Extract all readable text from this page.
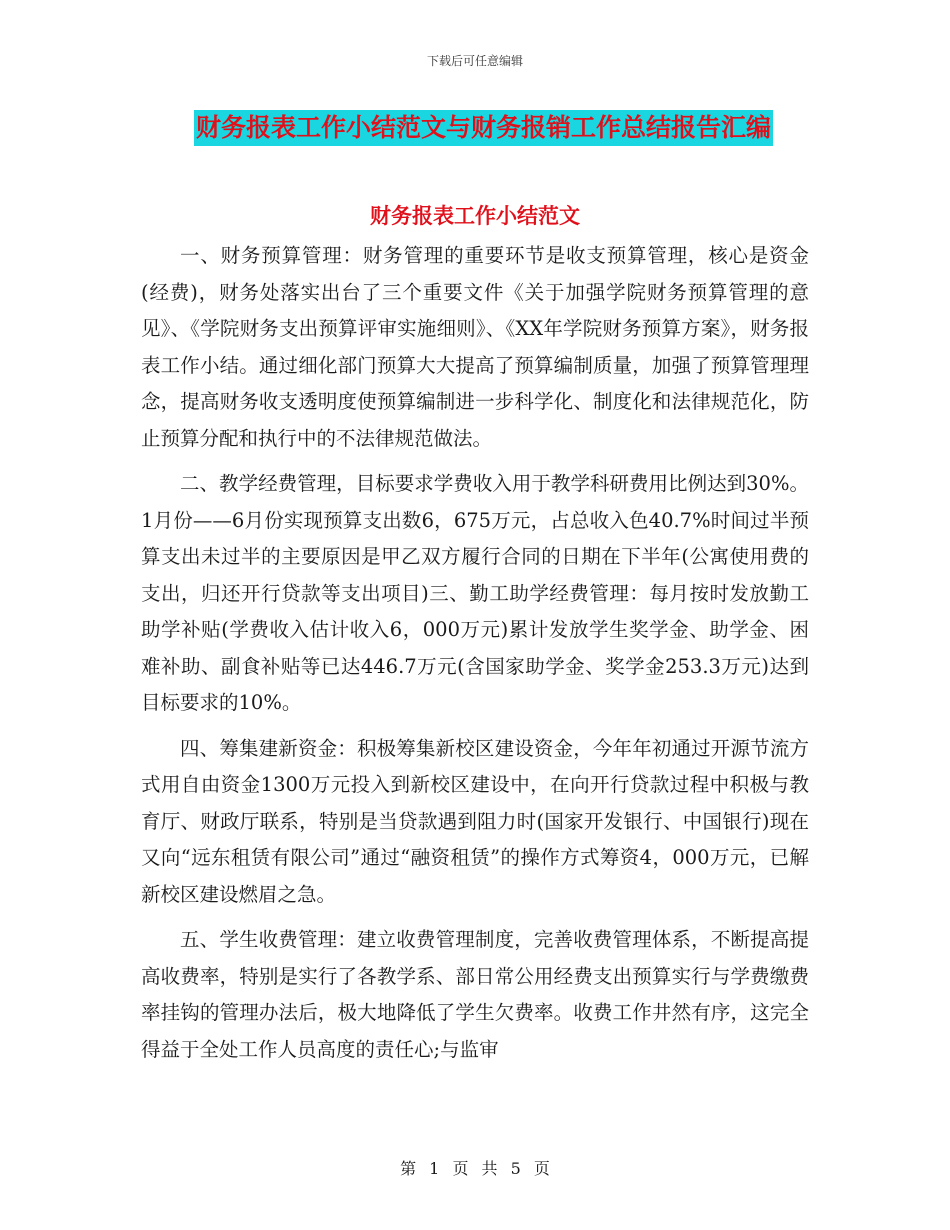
下载后可任意编辑
财务报表工作小结范文与财务报销工作总结报告汇编
财务报表工作小结范文

一、财务预算管理：财务管理的重要环节是收支预算管理，核心是资金(经费)，财务处落实出台了三个重要文件《关于加强学院财务预算管理的意见》、《学院财务支出预算评审实施细则》、《XX年学院财务预算方案》，财务报表工作小结。通过细化部门预算大大提高了预算编制质量，加强了预算管理理念，提高财务收支透明度使预算编制进一步科学化、制度化和法律规范化，防止预算分配和执行中的不法律规范做法。

二、教学经费管理，目标要求学费收入用于教学科研费用比例达到30%。1月份——6月份实现预算支出数6，675万元，占总收入色40.7%时间过半预算支出未过半的主要原因是甲乙双方履行合同的日期在下半年(公寓使用费的支出，归还开行贷款等支出项目)三、勤工助学经费管理：每月按时发放勤工助学补贴(学费收入估计收入6，000万元)累计发放学生奖学金、助学金、困难补助、副食补贴等已达446.7万元(含国家助学金、奖学金253.3万元)达到目标要求的10%。

四、筹集建新资金：积极筹集新校区建设资金，今年年初通过开源节流方式用自由资金1300万元投入到新校区建设中，在向开行贷款过程中积极与教育厅、财政厅联系，特别是当贷款遇到阻力时(国家开发银行、中国银行)现在又向“远东租赁有限公司”通过“融资租赁”的操作方式筹资4，000万元，已解新校区建设燃眉之急。

五、学生收费管理：建立收费管理制度，完善收费管理体系，不断提高提高收费率，特别是实行了各教学系、部日常公用经费支出预算实行与学费缴费率挂钩的管理办法后，极大地降低了学生欠费率。收费工作井然有序，这完全得益于全处工作人员高度的责任心;与监审

第 1 页 共 5 页
